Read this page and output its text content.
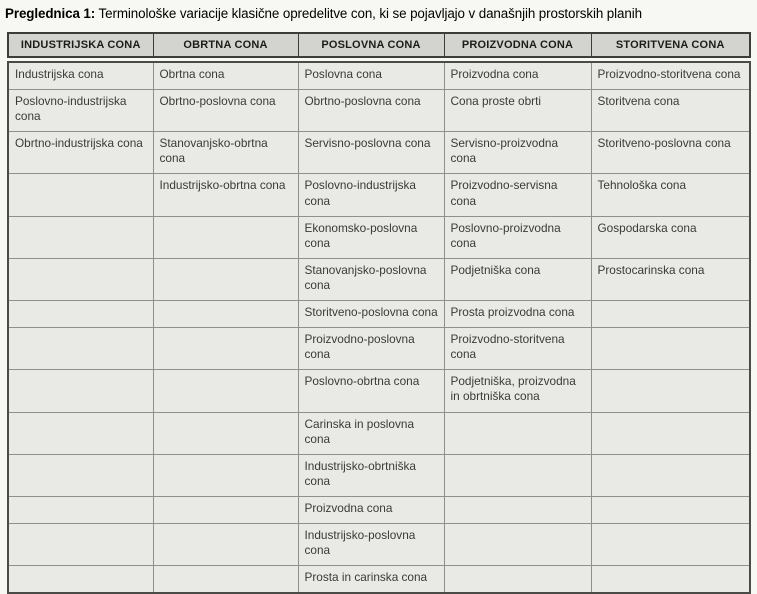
Preglednica 1: Terminološke variacije klasične opredelitve con, ki se pojavljajo v današnjih prostorskih planih
INDUSTRIJSKA CONA	OBRTNA CONA	POSLOVNA CONA	PROIZVODNA CONA	STORITVENA CONA
Industrijska cona	Obrtna cona	Poslovna cona	Proizvodna cona	Proizvodno-storitvena cona
Poslovno-industrijska cona	Obrtno-poslovna cona	Obrtno-poslovna cona	Cona proste obrti	Storitvena cona
Obrtno-industrijska cona	Stanovanjsko-obrtna cona	Servisno-poslovna cona	Servisno-proizvodna cona	Storitveno-poslovna cona
	Industrijsko-obrtna cona	Poslovno-industrijska cona	Proizvodno-servisna cona	Tehnološka cona
		Ekonomsko-poslovna cona	Poslovno-proizvodna cona	Gospodarska cona
		Stanovanjsko-poslovna cona	Podjetniška cona	Prostocarinska cona
		Storitveno-poslovna cona	Prosta proizvodna cona	
		Proizvodno-poslovna cona	Proizvodno-storitvena cona	
		Poslovno-obrtna cona	Podjetniška, proizvodna in obrtniška cona	
		Carinska in poslovna cona		
		Industrijsko-obrtniška cona		
		Proizvodna cona		
		Industrijsko-poslovna cona		
		Prosta in carinska cona		
